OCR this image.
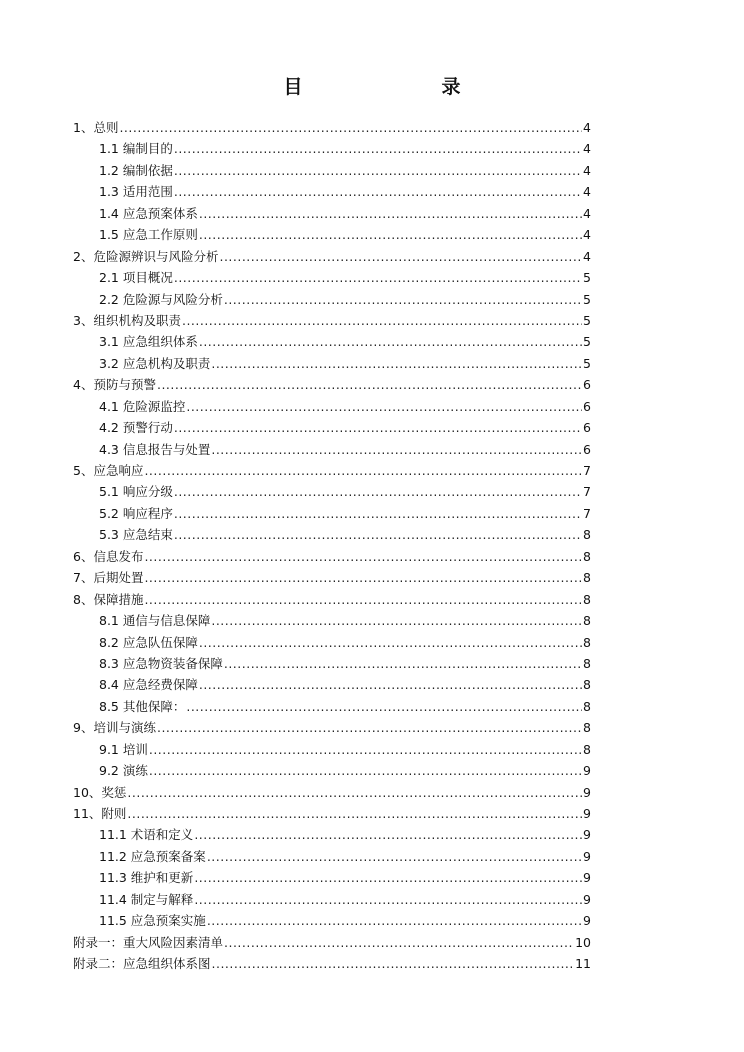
目　录
1、总则 .....	4
1.1 编制目的 .....	4
1.2 编制依据 .....	4
1.3 适用范围 .....	4
1.4 应急预案体系 .....	4
1.5 应急工作原则 .....	4
2、危险源辨识与风险分析 .....	4
2.1 项目概况 .....	5
2.2 危险源与风险分析 .....	5
3、组织机构及职责 .....	5
3.1 应急组织体系 .....	5
3.2 应急机构及职责 .....	5
4、预防与预警 .....	6
4.1 危险源监控 .....	6
4.2 预警行动 .....	6
4.3 信息报告与处置 .....	6
5、应急响应 .....	7
5.1 响应分级 .....	7
5.2 响应程序 .....	7
5.3 应急结束 .....	8
6、信息发布 .....	8
7、后期处置 .....	8
8、保障措施 .....	8
8.1 通信与信息保障 .....	8
8.2 应急队伍保障 .....	8
8.3 应急物资装备保障 .....	8
8.4 应急经费保障 .....	8
8.5 其他保障： .....	8
9、培训与演练 .....	8
9.1 培训 .....	8
9.2 演练 .....	9
10、奖惩 .....	9
11、附则 .....	9
11.1 术语和定义 .....	9
11.2 应急预案备案 .....	9
11.3 维护和更新 .....	9
11.4 制定与解释 .....	9
11.5 应急预案实施 .....	9
附录一：重大风险因素清单 .....	10
附录二：应急组织体系图 .....	11
